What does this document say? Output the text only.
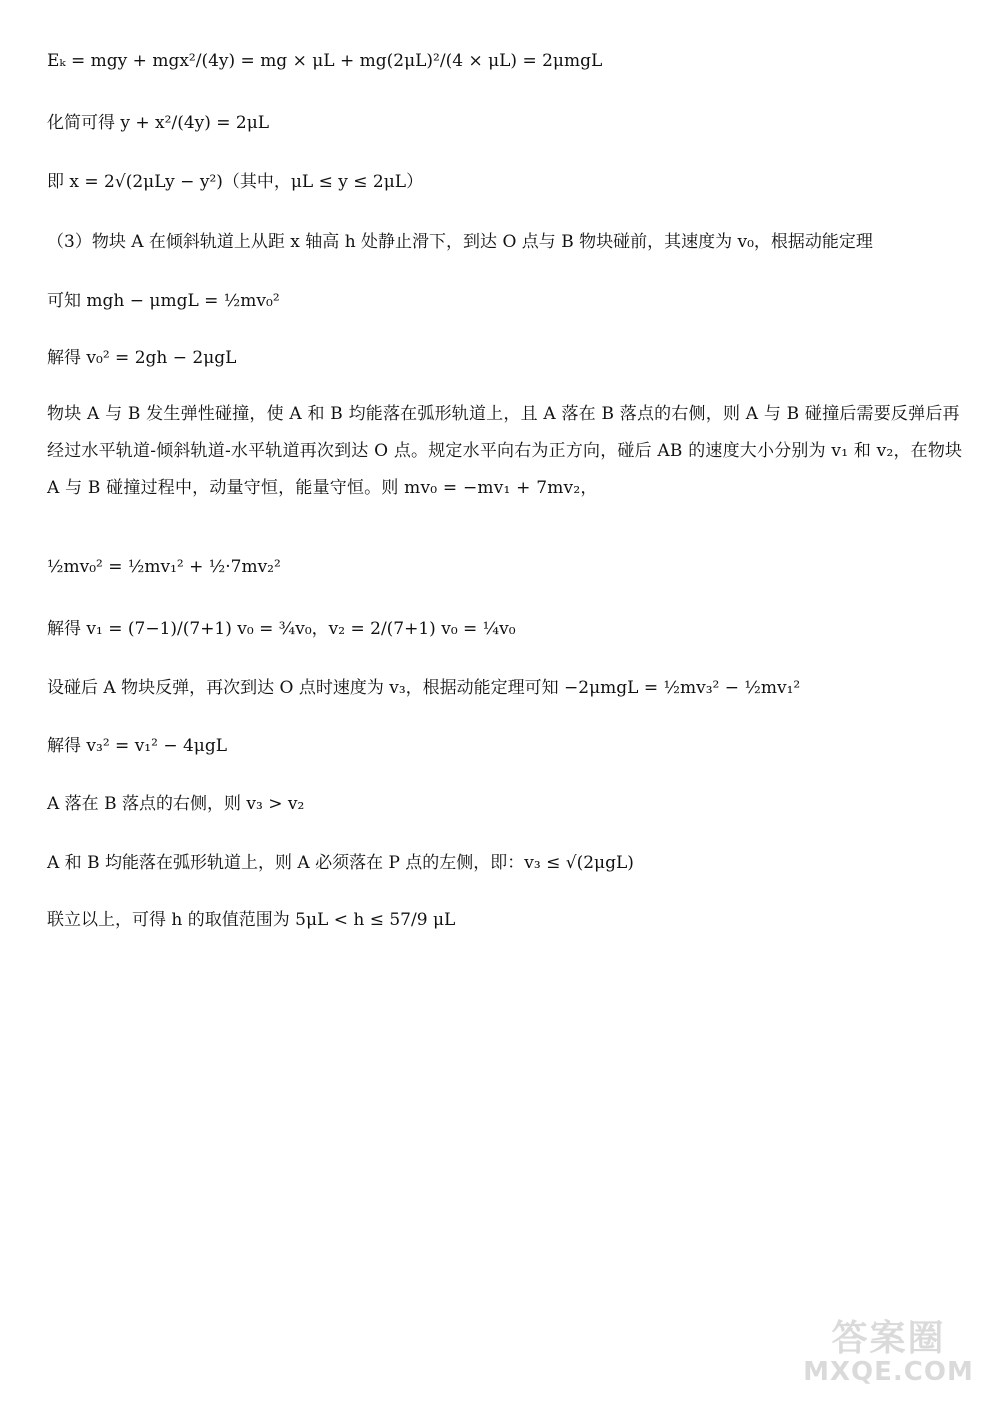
Eₖ = mgy + mgx²/(4y) = mg × μL + mg(2μL)²/(4 × μL) = 2μmgL
化简可得 y + x²/(4y) = 2μL
即 x = 2√(2μLy − y²)（其中，μL ≤ y ≤ 2μL）
（3）物块 A 在倾斜轨道上从距 x 轴高 h 处静止滑下，到达 O 点与 B 物块碰前，其速度为 v₀，根据动能定理
可知 mgh − μmgL = ½mv₀²
解得 v₀² = 2gh − 2μgL
物块 A 与 B 发生弹性碰撞，使 A 和 B 均能落在弧形轨道上，且 A 落在 B 落点的右侧，则 A 与 B 碰撞后需要反弹后再经过水平轨道-倾斜轨道-水平轨道再次到达 O 点。规定水平向右为正方向，碰后 AB 的速度大小分别为 v₁ 和 v₂，在物块 A 与 B 碰撞过程中，动量守恒，能量守恒。则 mv₀ = −mv₁ + 7mv₂，
½mv₀² = ½mv₁² + ½·7mv₂²
解得 v₁ = (7−1)/(7+1) v₀ = ¾v₀，v₂ = 2/(7+1) v₀ = ¼v₀
设碰后 A 物块反弹，再次到达 O 点时速度为 v₃，根据动能定理可知 −2μmgL = ½mv₃² − ½mv₁²
解得 v₃² = v₁² − 4μgL
A 落在 B 落点的右侧，则 v₃ > v₂
A 和 B 均能落在弧形轨道上，则 A 必须落在 P 点的左侧，即：v₃ ≤ √(2μgL)
联立以上，可得 h 的取值范围为 5μL < h ≤ 57/9 μL
答案圈
MXQE.COM
